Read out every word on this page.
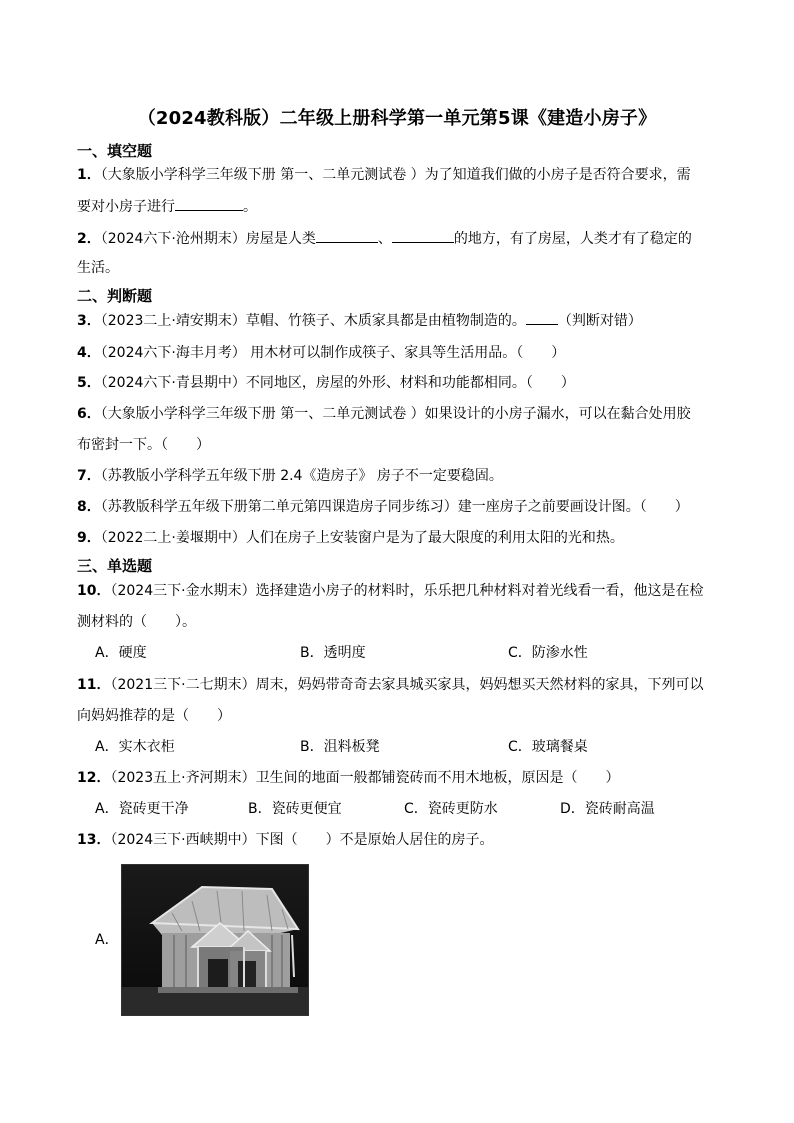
（2024教科版）二年级上册科学第一单元第5课《建造小房子》
一、填空题
1．（大象版小学科学三年级下册 第一、二单元测试卷 ）为了知道我们做的小房子是否符合要求，需
要对小房子进行	。
2．（2024六下·沧州期末）房屋是人类	、	的地方，有了房屋，人类才有了稳定的
生活。
二、判断题
3．（2023二上·靖安期末）草帽、竹筷子、木质家具都是由植物制造的。 （判断对错）
4．（2024六下·海丰月考） 用木材可以制作成筷子、家具等生活用品。（　　）
5．（2024六下·青县期中）不同地区，房屋的外形、材料和功能都相同。（　　）
6．（大象版小学科学三年级下册 第一、二单元测试卷 ）如果设计的小房子漏水，可以在黏合处用胶
布密封一下。（　　）
7．（苏教版小学科学五年级下册 2.4《造房子》 房子不一定要稳固。
8．（苏教版科学五年级下册第二单元第四课造房子同步练习）建一座房子之前要画设计图。（　　）
9．（2022二上·姜堰期中）人们在房子上安装窗户是为了最大限度的利用太阳的光和热。
三、单选题
10．（2024三下·金水期末）选择建造小房子的材料时，乐乐把几种材料对着光线看一看，他这是在检
测材料的（　　）。
A．硬度	B．透明度	C．防渗水性
11．（2021三下·二七期末）周末，妈妈带奇奇去家具城买家具，妈妈想买天然材料的家具，下列可以
向妈妈推荐的是（　　）
A．实木衣柜	B．沮料板凳	C．玻璃餐桌
12．（2023五上·齐河期末）卫生间的地面一般都铺瓷砖而不用木地板，原因是（　　）
A．瓷砖更干净	B．瓷砖更便宜	C．瓷砖更防水	D．瓷砖耐高温
13．（2024三下·西峡期中）下图（　　）不是原始人居住的房子。
A．
